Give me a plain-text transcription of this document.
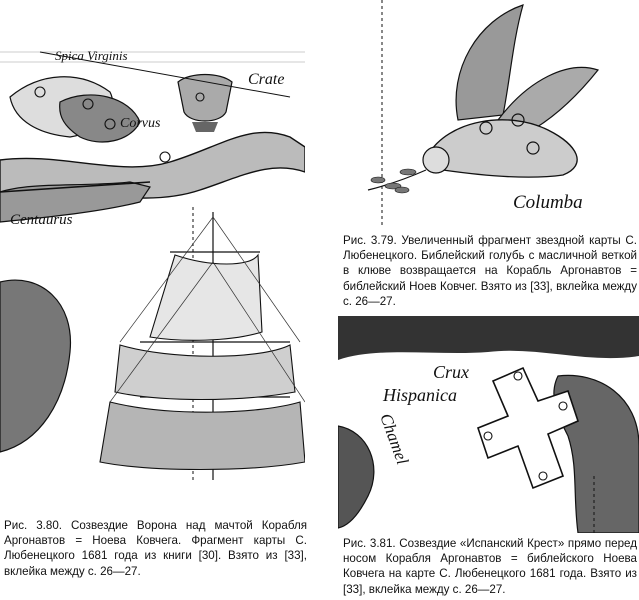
Spica Virginis
Crate
Corvus
Centaurus
Columba

Рис. 3.79. Увеличенный фрагмент звездной карты С. Любенецкого. Библейский голубь с масличной веткой в клюве возвращается на Корабль Аргонавтов = библейский Ноев Ковчег. Взято из [33], вклейка между с. 26—27.

Crux
Hispanica
Chamel

Рис. 3.80. Созвездие Ворона над мачтой Корабля Аргонавтов = Ноева Ковчега. Фрагмент карты С. Любенецкого 1681 года из книги [30]. Взято из [33], вклейка между с. 26—27.

Рис. 3.81. Созвездие «Испанский Крест» прямо перед носом Корабля Аргонавтов = библейского Ноева Ковчега на карте С. Любенецкого 1681 года. Взято из [33], вклейка между с. 26—27.
